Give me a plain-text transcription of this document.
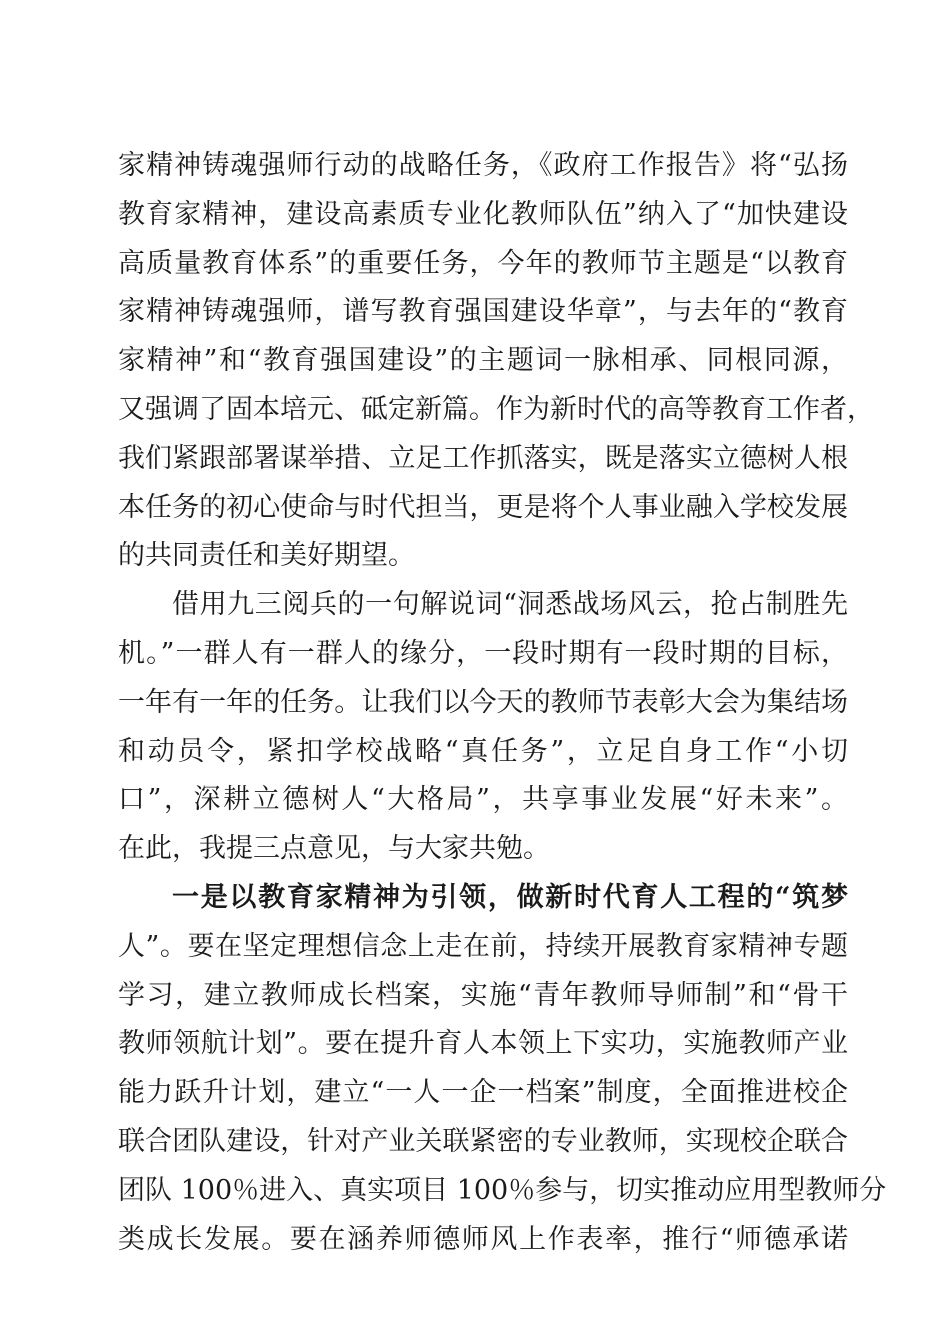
家精神铸魂强师行动的战略任务，《政府工作报告》将“弘扬
教育家精神，建设高素质专业化教师队伍”纳入了“加快建设
高质量教育体系”的重要任务，今年的教师节主题是“以教育
家精神铸魂强师，谱写教育强国建设华章”，与去年的“教育
家精神”和“教育强国建设”的主题词一脉相承、同根同源，
又强调了固本培元、砥定新篇。作为新时代的高等教育工作者，
我们紧跟部署谋举措、立足工作抓落实，既是落实立德树人根
本任务的初心使命与时代担当，更是将个人事业融入学校发展
的共同责任和美好期望。
借用九三阅兵的一句解说词“洞悉战场风云，抢占制胜先
机。”一群人有一群人的缘分，一段时期有一段时期的目标，
一年有一年的任务。让我们以今天的教师节表彰大会为集结场
和动员令，紧扣学校战略“真任务”，立足自身工作“小切
口”，深耕立德树人“大格局”，共享事业发展“好未来”。
在此，我提三点意见，与大家共勉。
一是以教育家精神为引领，做新时代育人工程的“筑梦
人”。要在坚定理想信念上走在前，持续开展教育家精神专题
学习，建立教师成长档案，实施“青年教师导师制”和“骨干
教师领航计划”。要在提升育人本领上下实功，实施教师产业
能力跃升计划，建立“一人一企一档案”制度，全面推进校企
联合团队建设，针对产业关联紧密的专业教师，实现校企联合
团队 100％进入、真实项目 100％参与，切实推动应用型教师分
类成长发展。要在涵养师德师风上作表率，推行“师德承诺
